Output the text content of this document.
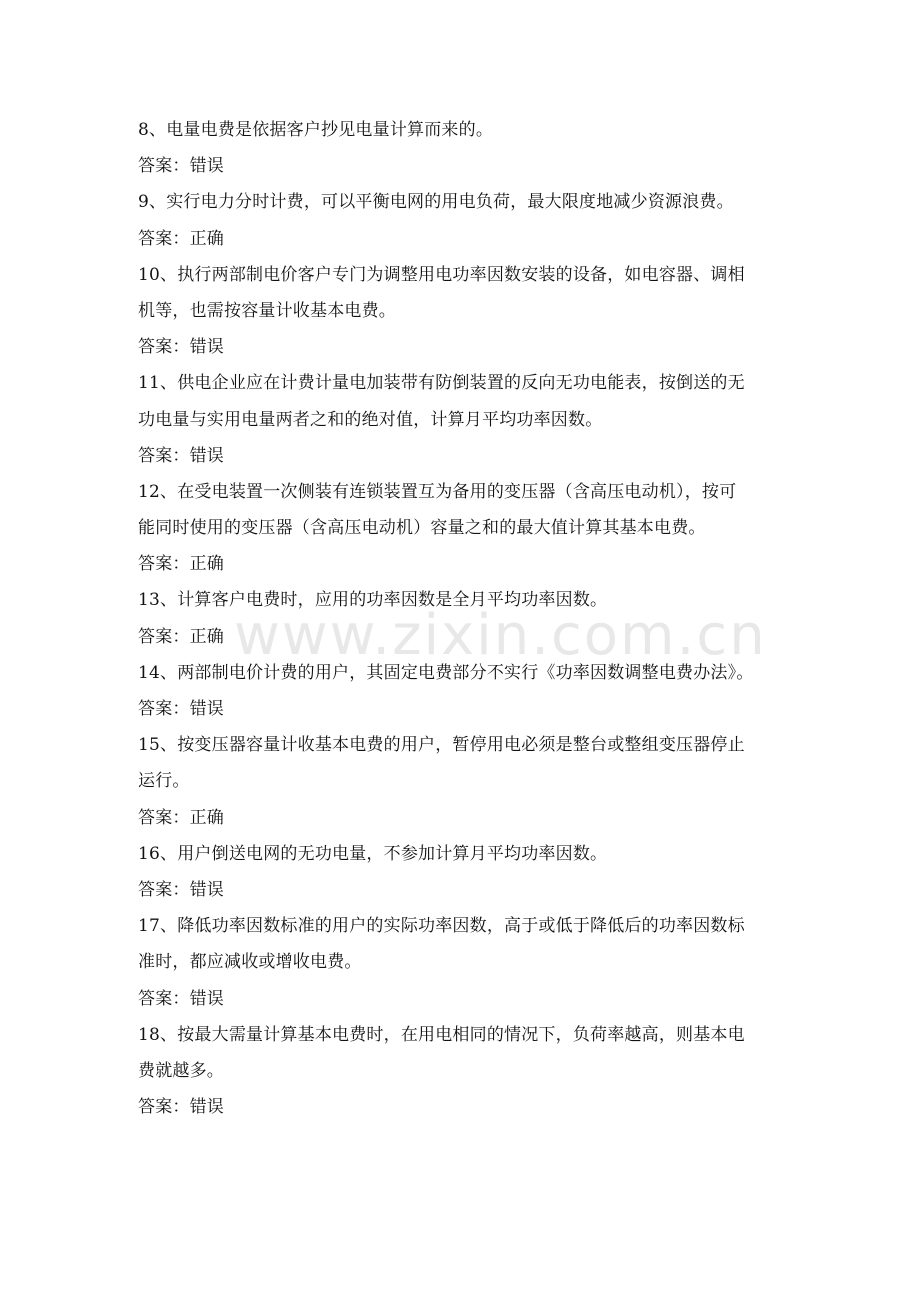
8、电量电费是依据客户抄见电量计算而来的。
答案：错误
9、实行电力分时计费，可以平衡电网的用电负荷，最大限度地减少资源浪费。
答案：正确
10、执行两部制电价客户专门为调整用电功率因数安装的设备，如电容器、调相
机等，也需按容量计收基本电费。
答案：错误
11、供电企业应在计费计量电加装带有防倒装置的反向无功电能表，按倒送的无
功电量与实用电量两者之和的绝对值，计算月平均功率因数。
答案：错误
12、在受电装置一次侧装有连锁装置互为备用的变压器（含高压电动机），按可
能同时使用的变压器（含高压电动机）容量之和的最大值计算其基本电费。
答案：正确
13、计算客户电费时，应用的功率因数是全月平均功率因数。
答案：正确
14、两部制电价计费的用户，其固定电费部分不实行《功率因数调整电费办法》。
答案：错误
15、按变压器容量计收基本电费的用户，暂停用电必须是整台或整组变压器停止
运行。
答案：正确
16、用户倒送电网的无功电量，不参加计算月平均功率因数。
答案：错误
17、降低功率因数标准的用户的实际功率因数，高于或低于降低后的功率因数标
准时，都应减收或增收电费。
答案：错误
18、按最大需量计算基本电费时，在用电相同的情况下，负荷率越高，则基本电
费就越多。
答案：错误
www.zixin.com.cn
